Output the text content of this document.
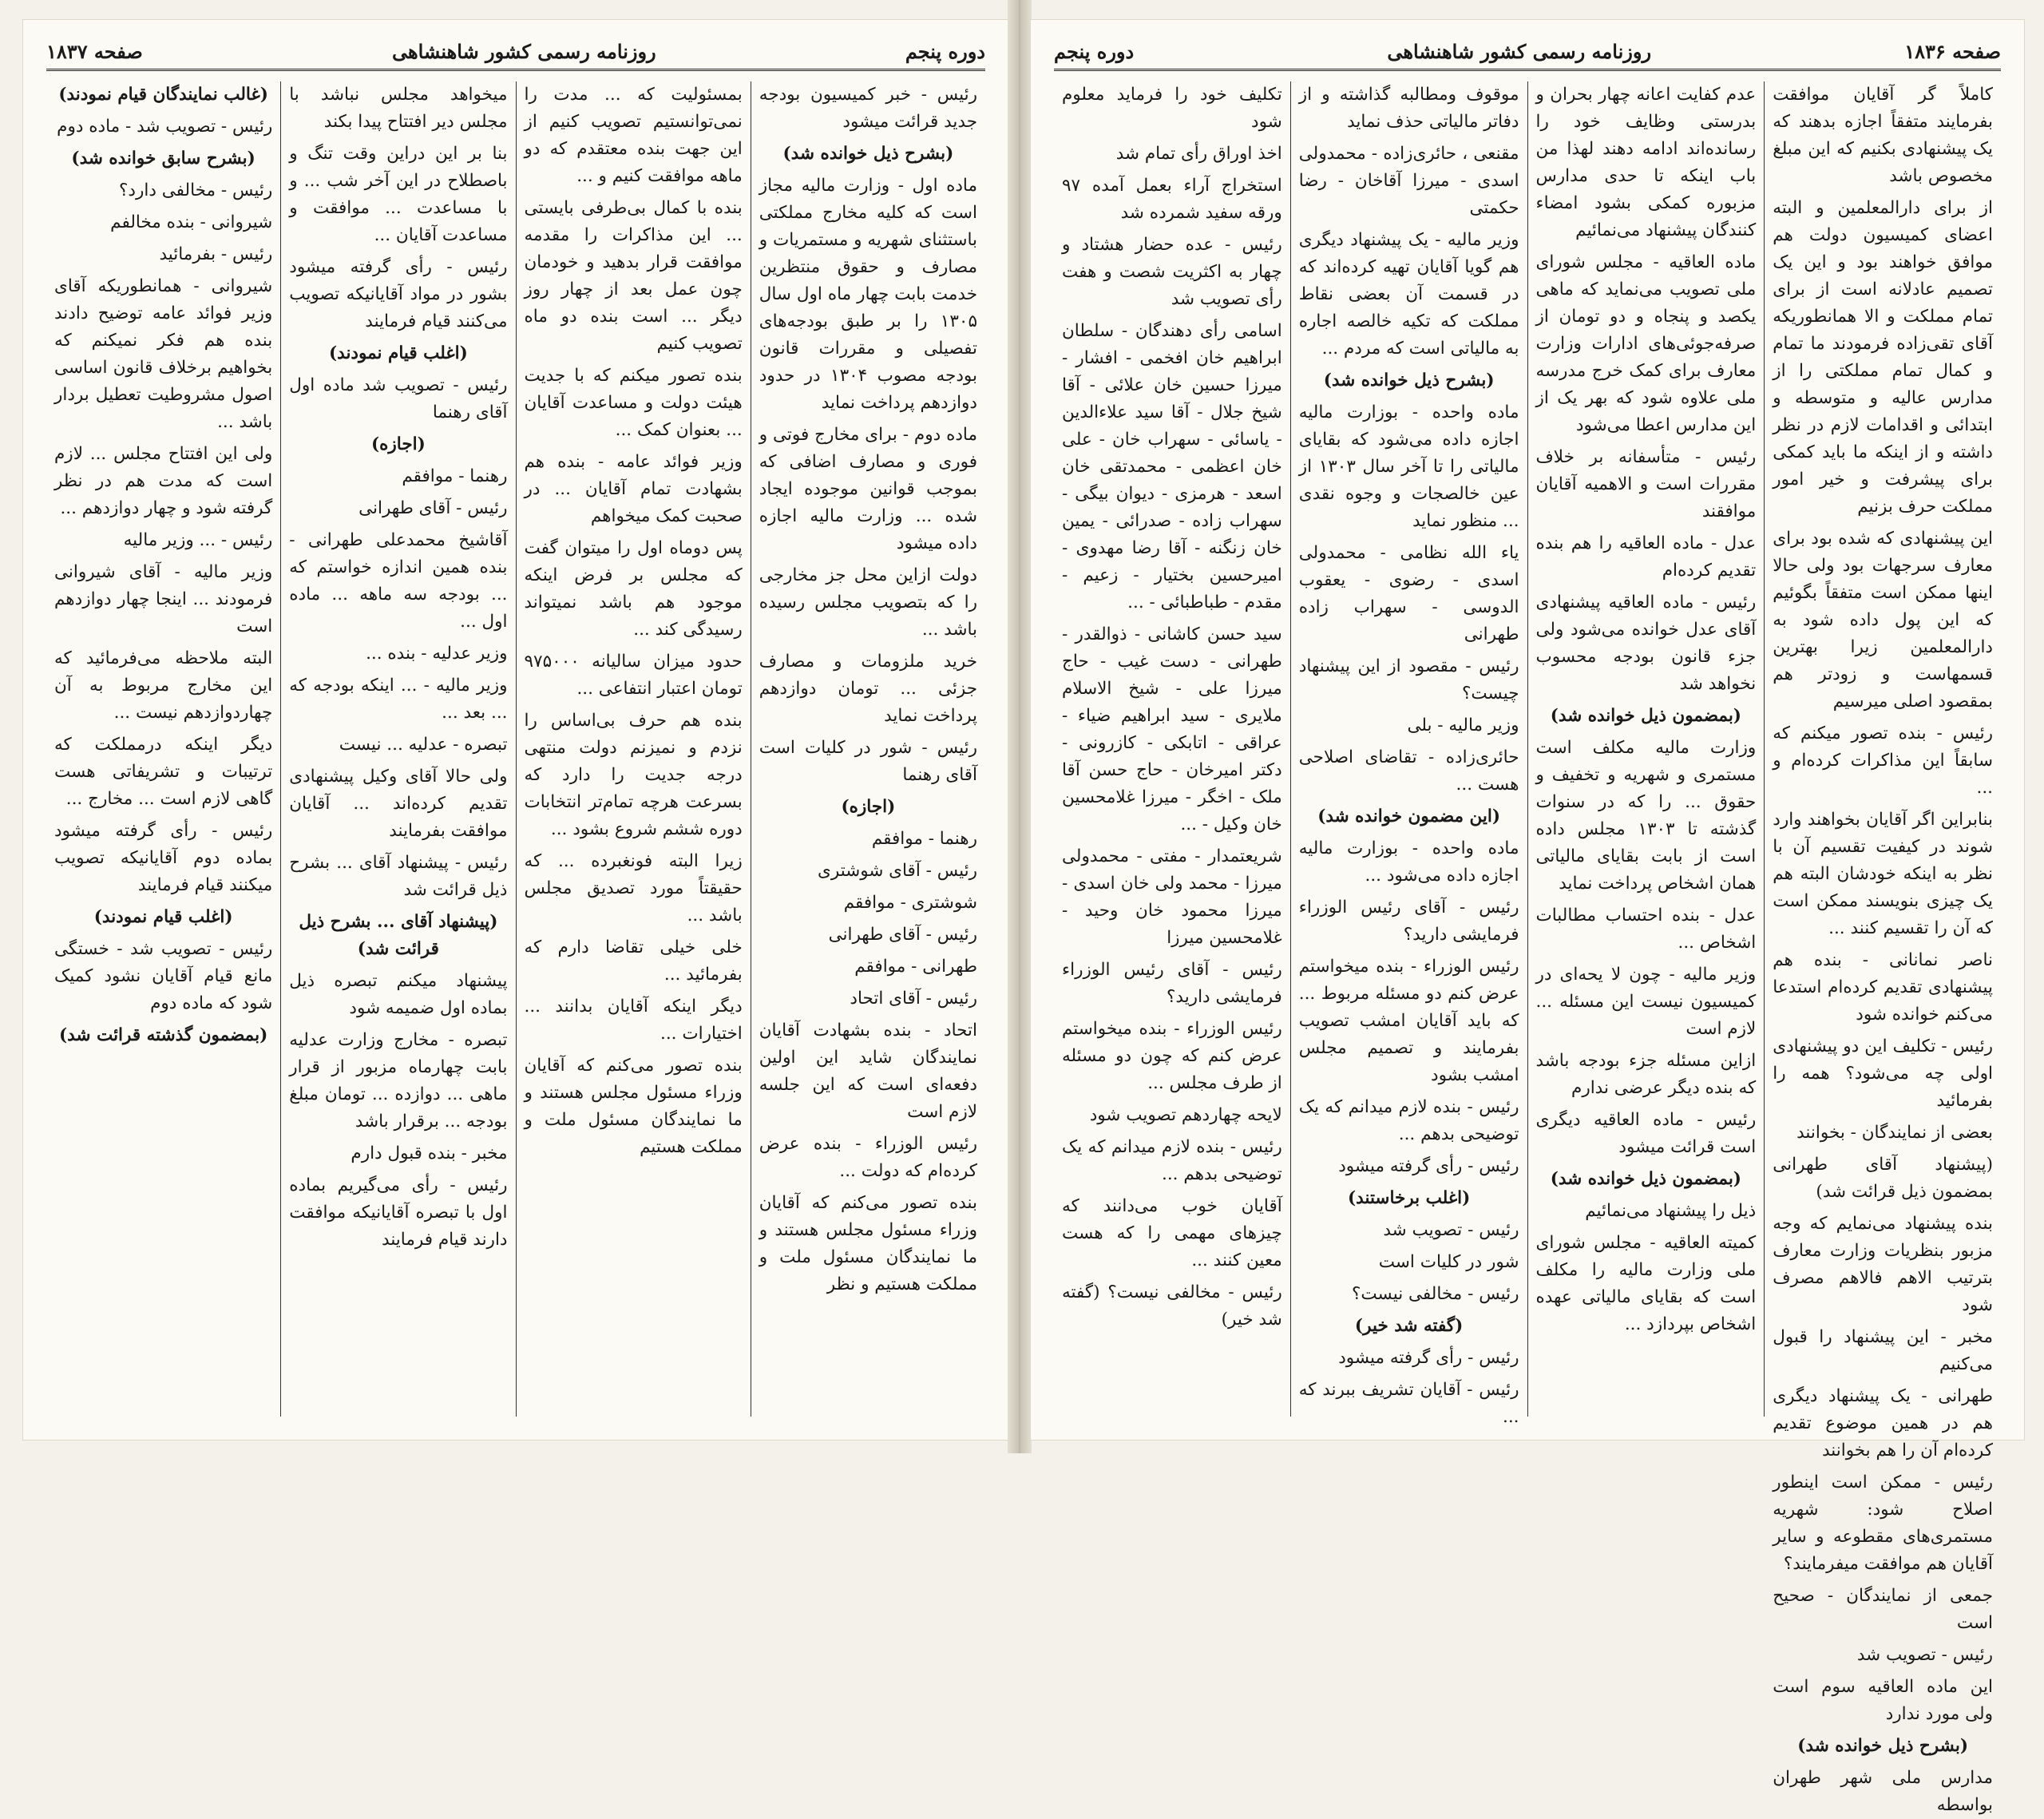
دوره پنجم
روزنامه رسمی کشور شاهنشاهی
صفحه ۱۸۳۷

رئیس - خبر کمیسیون بودجه جدید قرائت میشود

(بشرح ذیل خوانده شد)

ماده اول - وزارت مالیه مجاز است که کلیه مخارج مملکتی باستثنای شهریه و مستمریات و مصارف و حقوق منتظرین خدمت بابت چهار ماه اول سال ۱۳۰۵ را بر طبق بودجه‌های تفصیلی و مقررات قانون بودجه مصوب ۱۳۰۴ در حدود دوازدهم پرداخت نماید

ماده دوم - برای مخارج فوتی و فوری و مصارف اضافی که بموجب قوانین موجوده ایجاد شده ... وزارت مالیه اجازه داده میشود

دولت ازاین محل جز مخارجی را که بتصویب مجلس رسیده باشد ...

خرید ملزومات و مصارف جزئی ... تومان دوازدهم پرداخت نماید

رئیس - شور در کلیات است آقای رهنما

(اجازه)

رهنما - موافقم

رئیس - آقای شوشتری

شوشتری - موافقم

رئیس - آقای طهرانی

طهرانی - موافقم

رئیس - آقای اتحاد

اتحاد - بنده بشهادت آقایان نمایندگان شاید این اولین دفعه‌ای است که این جلسه لازم است

رئیس الوزراء - بنده عرض کرده‌ام که دولت ...

بنده تصور می‌کنم که آقایان وزراء مسئول مجلس هستند و ما نمایندگان مسئول ملت و مملکت هستیم و نظر

بمسئولیت که ... مدت را نمی‌توانستیم تصویب کنیم از این جهت بنده معتقدم که دو ماهه موافقت کنیم و ...

بنده با کمال بی‌طرفی بایستی ... این مذاکرات را مقدمه موافقت قرار بدهید و خودمان چون عمل بعد از چهار روز دیگر ... است بنده دو ماه تصویب کنیم

بنده تصور میکنم که با جدیت هیئت دولت و مساعدت آقایان ... بعنوان کمک ...

وزیر فوائد عامه - بنده هم بشهادت تمام آقایان ... در صحبت کمک میخواهم

پس دوماه اول را میتوان گفت که مجلس بر فرض اینکه موجود هم باشد نمیتواند رسیدگی کند ...

حدود میزان سالیانه ۹۷۵۰۰۰ تومان اعتبار انتفاعی ...

بنده هم حرف بی‌اساس را نزدم و نمیزنم دولت منتهی درجه جدیت را دارد که بسرعت هرچه تمام‌تر انتخابات دوره ششم شروع بشود ...

زیرا البته فونغبرده ... که حقیقتاً مورد تصدیق مجلس باشد ...

خلی خیلی تقاضا دارم که بفرمائید ...

دیگر اینکه آقایان بدانند ... اختیارات ...

بنده تصور می‌کنم که آقایان وزراء مسئول مجلس هستند و ما نمایندگان مسئول ملت و مملکت هستیم

میخواهد مجلس نباشد با مجلس دیر افتتاح پیدا بکند

بنا بر این دراین وقت تنگ و باصطلاح در این آخر شب ... و با مساعدت ... موافقت و مساعدت آقایان ...

رئیس - رأی گرفته میشود بشور در مواد آقایانیکه تصویب می‌کنند قیام فرمایند

(اغلب قیام نمودند)

رئیس - تصویب شد ماده اول آقای رهنما

(اجازه)

رهنما - موافقم

رئیس - آقای طهرانی

آقاشیخ محمدعلی طهرانی - بنده همین اندازه خواستم که ... بودجه سه ماهه ... ماده اول ...

وزیر عدلیه - بنده ...

وزیر مالیه - ... اینکه بودجه که ... بعد ...

تبصره - عدلیه ... نیست

ولی حالا آقای وکیل پیشنهادی تقدیم کرده‌اند ... آقایان موافقت بفرمایند

رئیس - پیشنهاد آقای ... بشرح ذیل قرائت شد

(پیشنهاد آقای ... بشرح ذیل قرائت شد)

پیشنهاد میکنم تبصره ذیل بماده اول ضمیمه شود

تبصره - مخارج وزارت عدلیه بابت چهارماه مزبور از قرار ماهی ... دوازده ... تومان مبلغ بودجه ... برقرار باشد

مخبر - بنده قبول دارم

رئیس - رأی می‌گیریم بماده اول با تبصره آقایانیکه موافقت دارند قیام فرمایند

(غالب نمایندگان قیام نمودند)

رئیس - تصویب شد - ماده دوم

(بشرح سابق خوانده شد)

رئیس - مخالفی دارد؟

شیروانی - بنده مخالفم

رئیس - بفرمائید

شیروانی - همانطوریکه آقای وزیر فوائد عامه توضیح دادند بنده هم فکر نمیکنم که بخواهیم برخلاف قانون اساسی اصول مشروطیت تعطیل بردار باشد ...

ولی این افتتاح مجلس ... لازم است که مدت هم در نظر گرفته شود و چهار دوازدهم ...

رئیس - ... وزیر مالیه

وزیر مالیه - آقای شیروانی فرمودند ... اینجا چهار دوازدهم است

البته ملاحظه می‌فرمائید که این مخارج مربوط به آن چهاردوازدهم نیست ...

دیگر اینکه درمملکت که ترتیبات و تشریفاتی هست گاهی لازم است ... مخارج ...

رئیس - رأی گرفته میشود بماده دوم آقایانیکه تصویب میکنند قیام فرمایند

(اغلب قیام نمودند)

رئیس - تصویب شد - خستگی مانع قیام آقایان نشود کمیک شود که ماده دوم

(بمضمون گذشته قرائت شد)

صفحه ۱۸۳۶
روزنامه رسمی کشور شاهنشاهی
دوره پنجم

کاملاً گر آقایان موافقت بفرمایند متفقاً اجازه بدهند که یک پیشنهادی بکنیم که این مبلغ مخصوص باشد

از برای دارالمعلمین و البته اعضای کمیسیون دولت هم موافق خواهند بود و این یک تصمیم عادلانه است از برای تمام مملکت و الا همانطوریکه آقای تقی‌زاده فرمودند ما تمام و کمال تمام مملکتی را از مدارس عالیه و متوسطه و ابتدائی و اقدامات لازم در نظر داشته و از اینکه ما باید کمکی برای پیشرفت و خیر امور مملکت حرف بزنیم

این پیشنهادی که شده بود برای معارف سرجهات بود ولی حالا اینها ممکن است متفقاً بگوئیم که این پول داده شود به دارالمعلمین زیرا بهترین قسمهاست و زودتر هم بمقصود اصلی میرسیم

رئیس - بنده تصور میکنم که سابقاً این مذاکرات کرده‌ام و ...

بنابراین اگر آقایان بخواهند وارد شوند در کیفیت تقسیم آن با نظر به اینکه خودشان البته هم یک چیزی بنویسند ممکن است که آن را تقسیم کنند ...

ناصر نمانانی - بنده هم پیشنهادی تقدیم کرده‌ام استدعا می‌کنم خوانده شود

رئیس - تکلیف این دو پیشنهادی اولی چه می‌شود؟ همه را بفرمائید

بعضی از نمایندگان - بخوانند

(پیشنهاد آقای طهرانی بمضمون ذیل قرائت شد)

بنده پیشنهاد می‌نمایم که وجه مزبور بنظریات وزارت معارف بترتیب الاهم فالاهم مصرف شود

مخبر - این پیشنهاد را قبول می‌کنیم

طهرانی - یک پیشنهاد دیگری هم در همین موضوع تقدیم کرده‌ام آن را هم بخوانند

رئیس - ممکن است اینطور اصلاح شود: شهریه مستمری‌های مقطوعه و سایر آقایان هم موافقت میفرمایند؟

جمعی از نمایندگان - صحیح است

رئیس - تصویب شد

این ماده العاقیه سوم است ولی مورد ندارد

(بشرح ذیل خوانده شد)

مدارس ملی شهر طهران بواسطه

عدم کفایت اعانه چهار بحران و بدرستی وظایف خود را رسانده‌اند ادامه دهند لهذا من باب اینکه تا حدی مدارس مزبوره کمکی بشود امضاء کنندگان پیشنهاد می‌نمائیم

ماده العاقیه - مجلس شورای ملی تصویب می‌نماید که ماهی یکصد و پنجاه و دو تومان از صرفه‌جوئی‌های ادارات وزارت معارف برای کمک خرج مدرسه ملی علاوه شود که بهر یک از این مدارس اعطا می‌شود

رئیس - متأسفانه بر خلاف مقررات است و الاهمیه آقایان موافقند

عدل - ماده العاقیه را هم بنده تقدیم کرده‌ام

رئیس - ماده العاقیه پیشنهادی آقای عدل خوانده می‌شود ولی جزء قانون بودجه محسوب نخواهد شد

(بمضمون ذیل خوانده شد)

وزارت مالیه مکلف است مستمری و شهریه و تخفیف و حقوق ... را که در سنوات گذشته تا ۱۳۰۳ مجلس داده است از بابت بقایای مالیاتی همان اشخاص پرداخت نماید

عدل - بنده احتساب مطالبات اشخاص ...

وزیر مالیه - چون لا یحه‌ای در کمیسیون نیست این مسئله ... لازم است

ازاین مسئله جزء بودجه باشد که بنده دیگر عرضی ندارم

رئیس - ماده العاقیه دیگری است قرائت میشود

(بمضمون ذیل خوانده شد)

ذیل را پیشنهاد می‌نمائیم

کمیته العاقیه - مجلس شورای ملی وزارت مالیه را مکلف است که بقایای مالیاتی عهده اشخاص بپردازد ...

موقوف ومطالبه گذاشته و از دفاتر مالیاتی حذف نماید

مقنعی ، حائری‌زاده - محمدولی اسدی - میرزا آقاخان - رضا حکمتی

وزیر مالیه - یک پیشنهاد دیگری هم گویا آقایان تهیه کرده‌اند که در قسمت آن بعضی نقاط مملکت که تکیه خالصه اجاره به مالیاتی است که مردم ...

(بشرح ذیل خوانده شد)

ماده واحده - بوزارت مالیه اجازه داده می‌شود که بقایای مالیاتی را تا آخر سال ۱۳۰۳ از عین خالصجات و وجوه نقدی ... منظور نماید

یاء الله نظامی - محمدولی اسدی - رضوی - یعقوب الدوسی - سهراب زاده طهرانی

رئیس - مقصود از این پیشنهاد چیست؟

وزیر مالیه - بلی

حائری‌زاده - تقاضای اصلاحی هست ...

(این مضمون خوانده شد)

ماده واحده - بوزارت مالیه اجازه داده می‌شود ...

رئیس - آقای رئیس الوزراء فرمایشی دارید؟

رئیس الوزراء - بنده میخواستم عرض کنم دو مسئله مربوط ... که باید آقایان امشب تصویب بفرمایند و تصمیم مجلس امشب بشود

رئیس - بنده لازم میدانم که یک توضیحی بدهم ...

رئیس - رأی گرفته میشود

(اغلب برخاستند)

رئیس - تصویب شد

شور در کلیات است

رئیس - مخالفی نیست؟

(گفته شد خیر)

رئیس - رأی گرفته میشود

رئیس - آقایان تشریف ببرند که ...

تکلیف خود را فرماید معلوم شود

اخذ اوراق رأی تمام شد

استخراج آراء بعمل آمده ۹۷ ورقه سفید شمرده شد

رئیس - عده حضار هشتاد و چهار به اکثریت شصت و هفت رأی تصویب شد

اسامی رأی دهندگان - سلطان ابراهیم خان افخمی - افشار - میرزا حسین خان علائی - آقا شیخ جلال - آقا سید علاءالدین - یاسائی - سهراب خان - علی خان اعظمی - محمدتقی خان اسعد - هرمزی - دیوان بیگی - سهراب زاده - صدرائی - یمین خان زنگنه - آقا رضا مهدوی - امیرحسین بختیار - زعیم - مقدم - طباطبائی - ...

سید حسن کاشانی - ذوالقدر - طهرانی - دست غیب - حاج میرزا علی - شیخ الاسلام ملایری - سید ابراهیم ضیاء - عراقی - اتابکی - کازرونی - دکتر امیرخان - حاج حسن آقا ملک - اخگر - میرزا غلامحسین خان وکیل - ...

شریعتمدار - مفتی - محمدولی میرزا - محمد ولی خان اسدی - میرزا محمود خان وحید - غلامحسین میرزا

رئیس - آقای رئیس الوزراء فرمایشی دارید؟

رئیس الوزراء - بنده میخواستم عرض کنم که چون دو مسئله از طرف مجلس ...

لایحه چهاردهم تصویب شود

رئیس - بنده لازم میدانم که یک توضیحی بدهم ...

آقایان خوب می‌دانند که چیزهای مهمی را که هست معین کنند ...

رئیس - مخالفی نیست؟ (گفته شد خیر)
